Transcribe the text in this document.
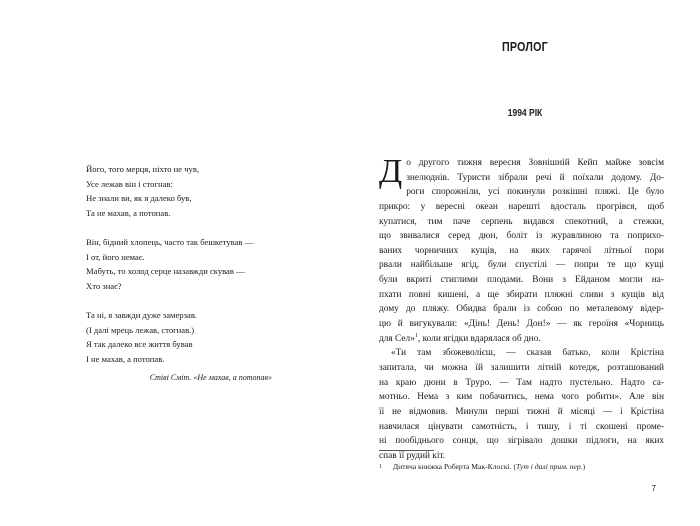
Його, того мерця, ніхто не чув,
Усе лежав він і стогнав:
Не знали ви, як я далеко був,
Та не махав, а потопав.
Він, бідний хлопець, часто так бешкетував —
І от, його немає.
Мабуть, то холод серце назавжди скував —
Хто знає?
Та ні, я завжди дуже замерзав.
(І далі мрець лежав, стогнав.)
Я так далеко все життя бував
І не махав, а потопав.
Стіві Сміт. «Не махав, а потопав»
ПРОЛОГ
1994 РІК
Д о другого тижня вересня Зовнішній Кейп майже зовсім
знелюднів. Туристи зібрали речі й поїхали додому. До-
роги спорожніли, усі покинули розкішні пляжі. Це було
прикро: у вересні океан нарешті вдосталь прогрівся, щоб
купатися, тим паче серпень видався спекотний, а стежки,
що звивалися серед дюн, боліт із журавлиною та поприхо-
ваних чорничних кущів, на яких гарячої літньої пори
рвали найбільше ягід, були спустілі — попри те що кущі
були вкриті стиглими плодами. Вони з Ейданом могли на-
пхати повні кишені, а ще збирати пляжні сливи з кущів від
дому до пляжу. Обидва брали із собою по металевому відер-
цю й вигукували: «Дінь! День! Дон!» — як героїня «Чорниць
для Сел»$^1$, коли ягідки вдарялася об дно.
«Ти там збожеволієш, — сказав батько, коли Крістіна
запитала, чи можна їй залишити літній котедж, розташований
на краю дюни в Труро. — Там надто пустельно. Надто са-
мотньо. Нема з ким побачитись, нема чого робити». Але він
її не відмовив. Минули перші тижні й місяці — і Крістіна
навчилася цінувати самотність, і тишу, і ті скошені проме-
ні пообіднього сонця, що зігрівало дошки підлоги, на яких
спав її рудий кіт.
1 Дитяча книжка Роберта Мак-Клоскі. (Тут і далі прим. пер.)
7
